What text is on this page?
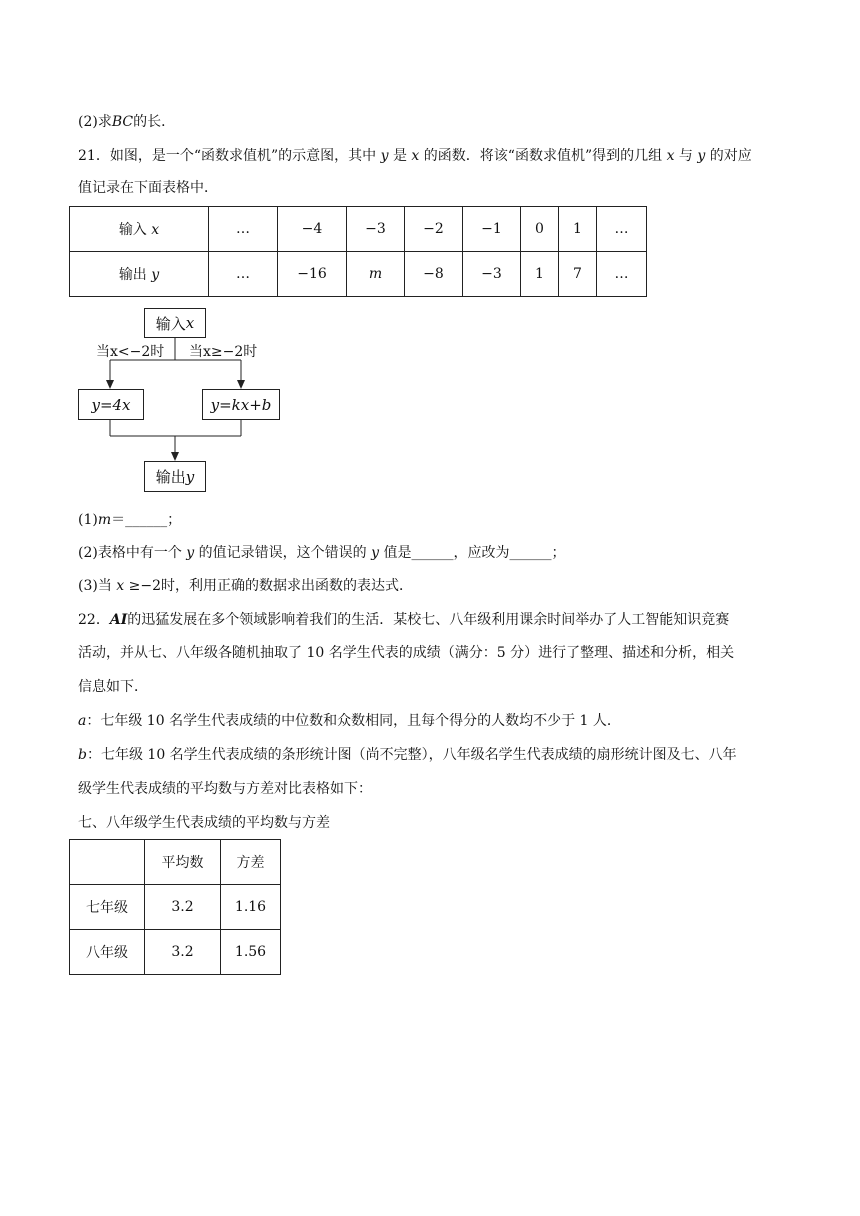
(2)求BC的长．
21．如图，是一个“函数求值机”的示意图，其中 y 是 x 的函数．将该“函数求值机”得到的几组 x 与 y 的对应
值记录在下面表格中．
输入 x	…	−4	−3	−2	−1	0	1	…
输出 y	…	−16	m	−8	−3	1	7	…
输入 x
当x<−2时 当x≥−2时
y=4x	y=kx+b
输出 y
(1)m＝______；
(2)表格中有一个 y 的值记录错误，这个错误的 y 值是______，应改为______；
(3)当 x ≥−2时，利用正确的数据求出函数的表达式．
22．AI的迅猛发展在多个领域影响着我们的生活．某校七、八年级利用课余时间举办了人工智能知识竞赛
活动，并从七、八年级各随机抽取了 10 名学生代表的成绩（满分：5 分）进行了整理、描述和分析，相关
信息如下．
a：七年级 10 名学生代表成绩的中位数和众数相同，且每个得分的人数均不少于 1 人．
b：七年级 10 名学生代表成绩的条形统计图（尚不完整），八年级名学生代表成绩的扇形统计图及七、八年
级学生代表成绩的平均数与方差对比表格如下：
七、八年级学生代表成绩的平均数与方差
	平均数	方差
七年级	3.2	1.16
八年级	3.2	1.56
